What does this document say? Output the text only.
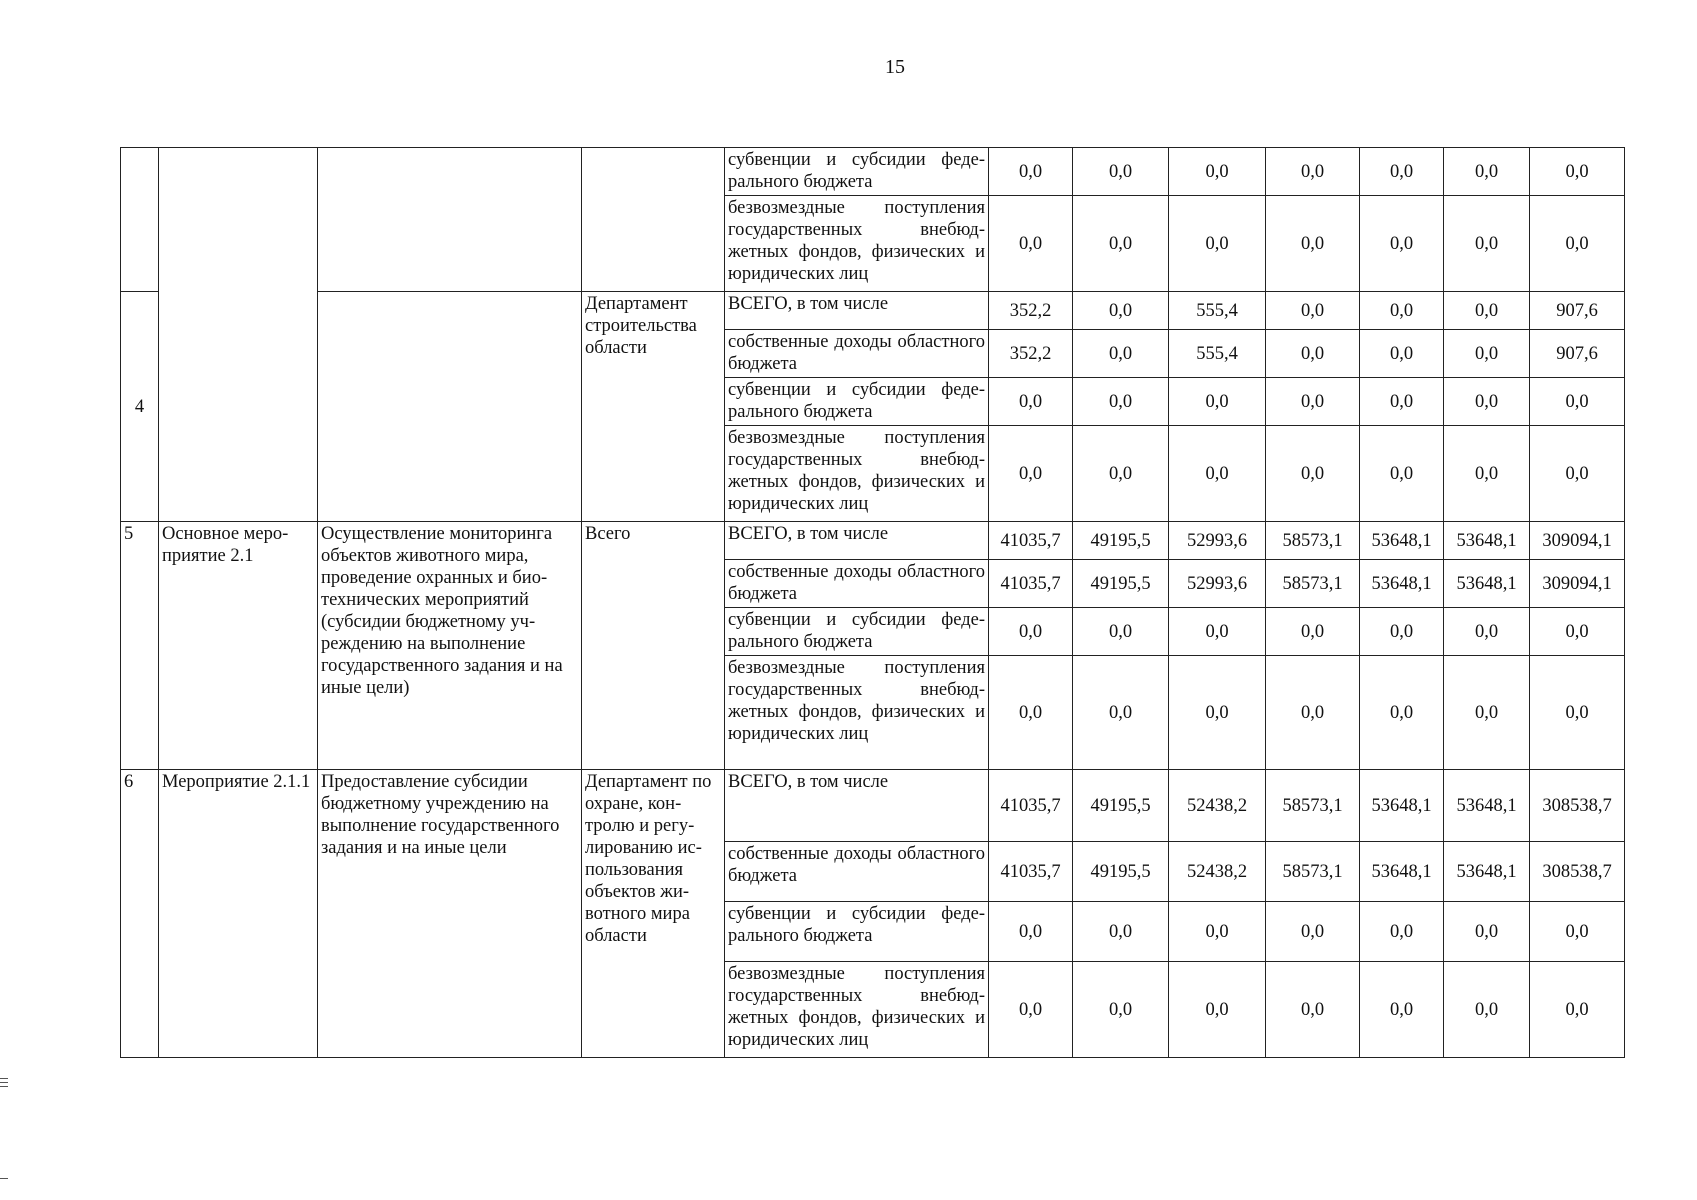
15
				субвенции и субсидии федерального бюджета	0,0	0,0	0,0	0,0	0,0	0,0	0,0
				безвозмездные поступления государственных внебюджетных фондов, физических и юридических лиц	0,0	0,0	0,0	0,0	0,0	0,0	0,0
4			Департамент строительства области	ВСЕГО, в том числе	352,2	0,0	555,4	0,0	0,0	0,0	907,6
				собственные доходы областного бюджета	352,2	0,0	555,4	0,0	0,0	0,0	907,6
				субвенции и субсидии федерального бюджета	0,0	0,0	0,0	0,0	0,0	0,0	0,0
				безвозмездные поступления государственных внебюджетных фондов, физических и юридических лиц	0,0	0,0	0,0	0,0	0,0	0,0	0,0
5	Основное мероприятие 2.1	Осуществление мониторинга объектов животного мира, проведение охранных и биотехнических мероприятий (субсидии бюджетному учреждению на выполнение государственного задания и на иные цели)	Всего	ВСЕГО, в том числе	41035,7	49195,5	52993,6	58573,1	53648,1	53648,1	309094,1
				собственные доходы областного бюджета	41035,7	49195,5	52993,6	58573,1	53648,1	53648,1	309094,1
				субвенции и субсидии федерального бюджета	0,0	0,0	0,0	0,0	0,0	0,0	0,0
				безвозмездные поступления государственных внебюджетных фондов, физических и юридических лиц	0,0	0,0	0,0	0,0	0,0	0,0	0,0
6	Мероприятие 2.1.1	Предоставление субсидии бюджетному учреждению на выполнение государственного задания и на иные цели	Департамент по охране, контролю и регулированию использования объектов животного мира области	ВСЕГО, в том числе	41035,7	49195,5	52438,2	58573,1	53648,1	53648,1	308538,7
				собственные доходы областного бюджета	41035,7	49195,5	52438,2	58573,1	53648,1	53648,1	308538,7
				субвенции и субсидии федерального бюджета	0,0	0,0	0,0	0,0	0,0	0,0	0,0
				безвозмездные поступления государственных внебюджетных фондов, физических и юридических лиц	0,0	0,0	0,0	0,0	0,0	0,0	0,0
